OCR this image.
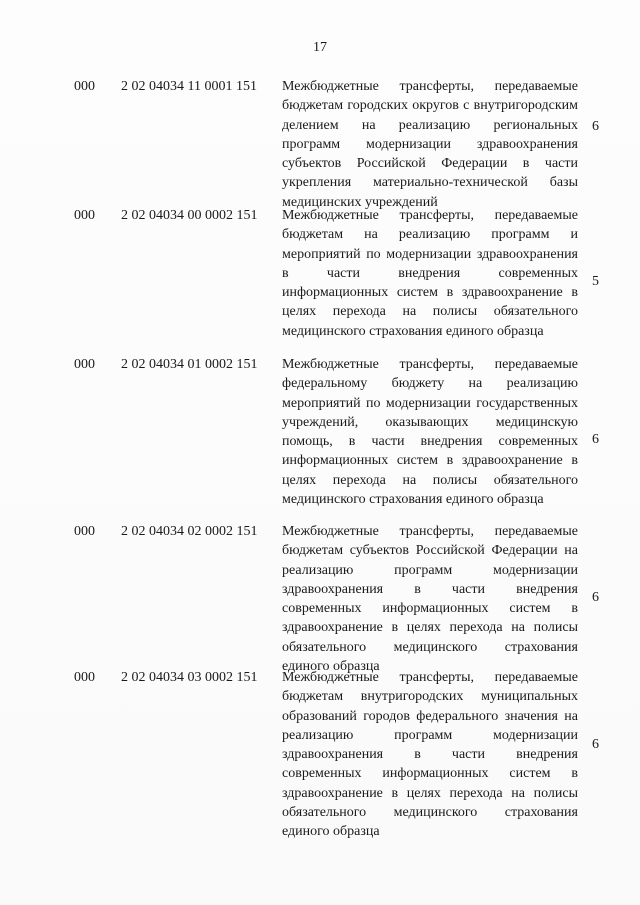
17
000 2 02 04034 11 0001 151 Межбюджетные трансферты, передаваемые бюджетам городских округов с внутригородским делением на реализацию региональных программ модернизации здравоохранения субъектов Российской Федерации в части укрепления материально-технической базы медицинских учреждений
6
000 2 02 04034 00 0002 151 Межбюджетные трансферты, передаваемые бюджетам на реализацию программ и мероприятий по модернизации здравоохранения в части внедрения современных информационных систем в здравоохранение в целях перехода на полисы обязательного медицинского страхования единого образца
5
000 2 02 04034 01 0002 151 Межбюджетные трансферты, передаваемые федеральному бюджету на реализацию мероприятий по модернизации государственных учреждений, оказывающих медицинскую помощь, в части внедрения современных информационных систем в здравоохранение в целях перехода на полисы обязательного медицинского страхования единого образца
6
000 2 02 04034 02 0002 151 Межбюджетные трансферты, передаваемые бюджетам субъектов Российской Федерации на реализацию программ модернизации здравоохранения в части внедрения современных информационных систем в здравоохранение в целях перехода на полисы обязательного медицинского страхования единого образца
6
000 2 02 04034 03 0002 151 Межбюджетные трансферты, передаваемые бюджетам внутригородских муниципальных образований городов федерального значения на реализацию программ модернизации здравоохранения в части внедрения современных информационных систем в здравоохранение в целях перехода на полисы обязательного медицинского страхования единого образца
6
